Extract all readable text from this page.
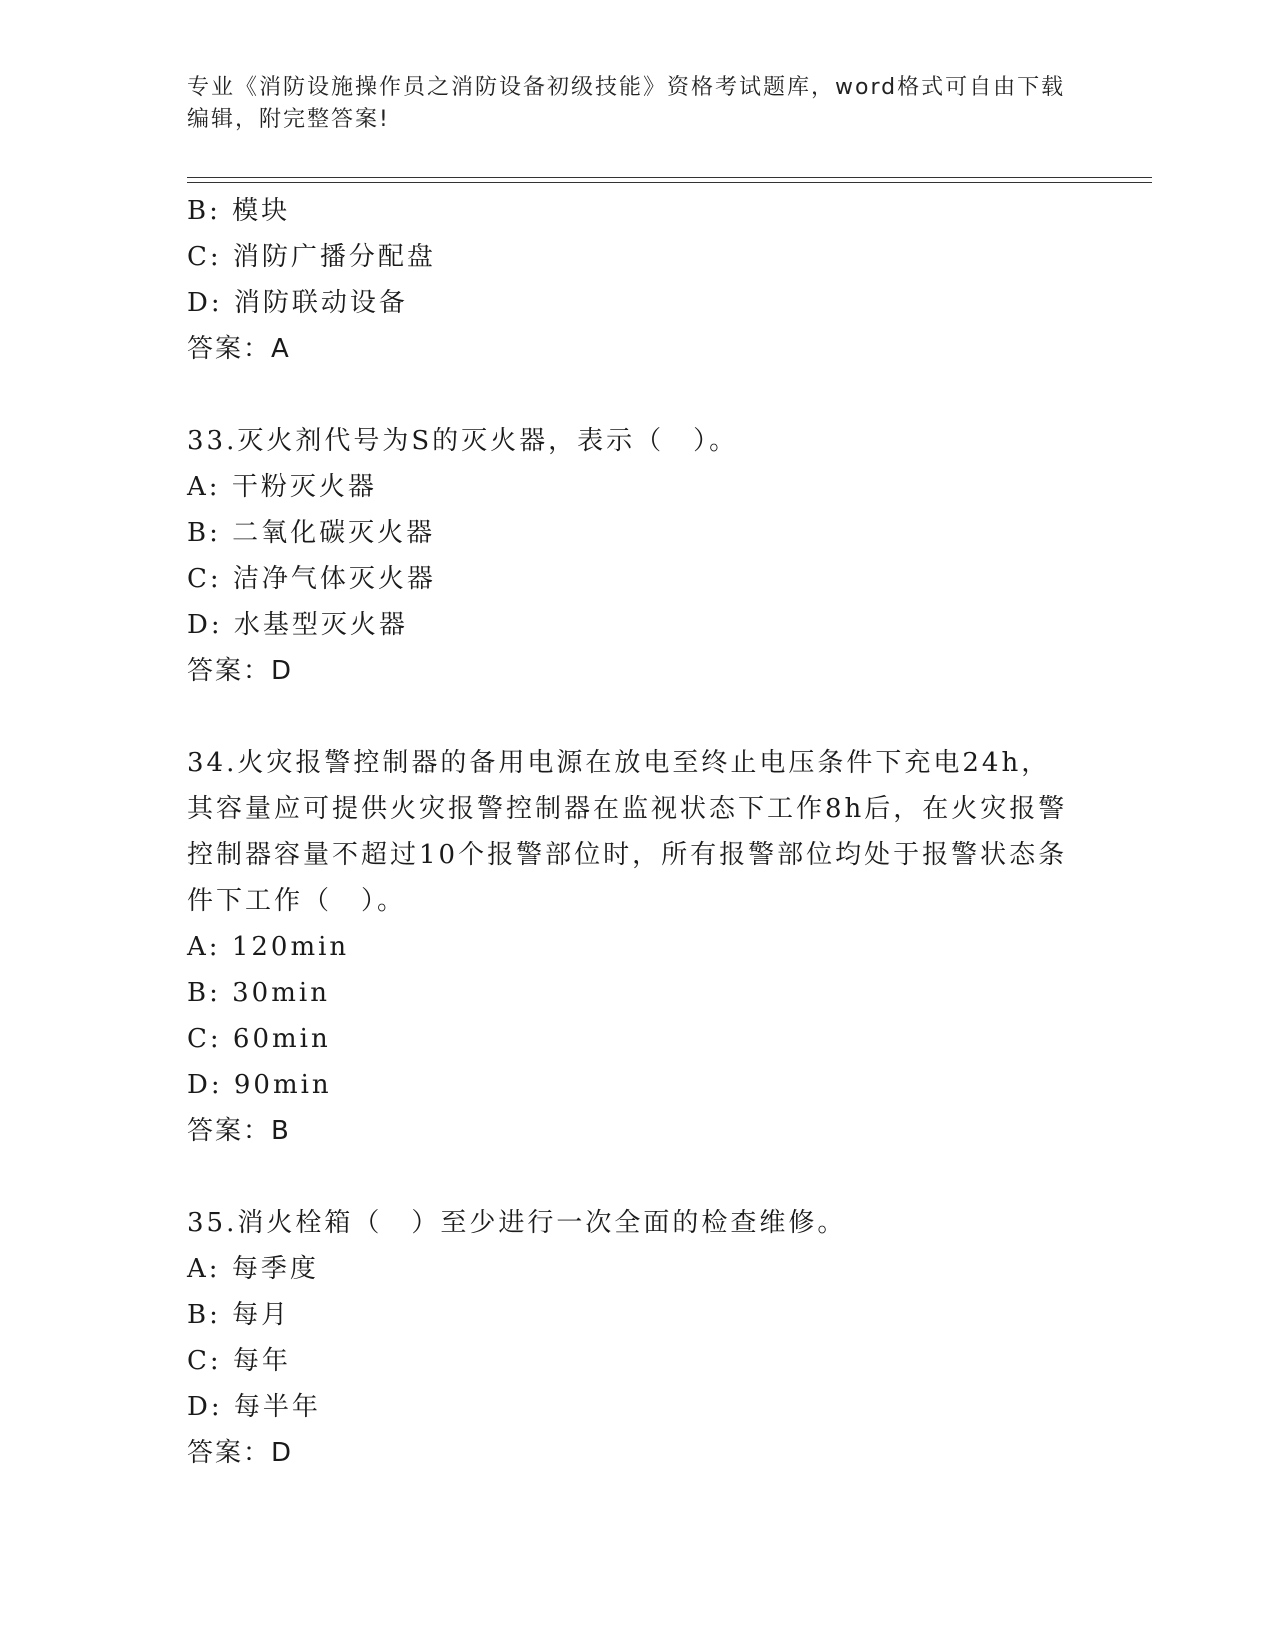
专业《消防设施操作员之消防设备初级技能》资格考试题库，word格式可自由下载编辑，附完整答案!
B: 模块
C: 消防广播分配盘
D: 消防联动设备
答案：A
33.灭火剂代号为S的灭火器，表示（　）。
A: 干粉灭火器
B: 二氧化碳灭火器
C: 洁净气体灭火器
D: 水基型灭火器
答案：D
34.火灾报警控制器的备用电源在放电至终止电压条件下充电24h，其容量应可提供火灾报警控制器在监视状态下工作8h后，在火灾报警控制器容量不超过10个报警部位时，所有报警部位均处于报警状态条件下工作（　）。
A: 120min
B: 30min
C: 60min
D: 90min
答案：B
35.消火栓箱（　）至少进行一次全面的检查维修。
A: 每季度
B: 每月
C: 每年
D: 每半年
答案：D
